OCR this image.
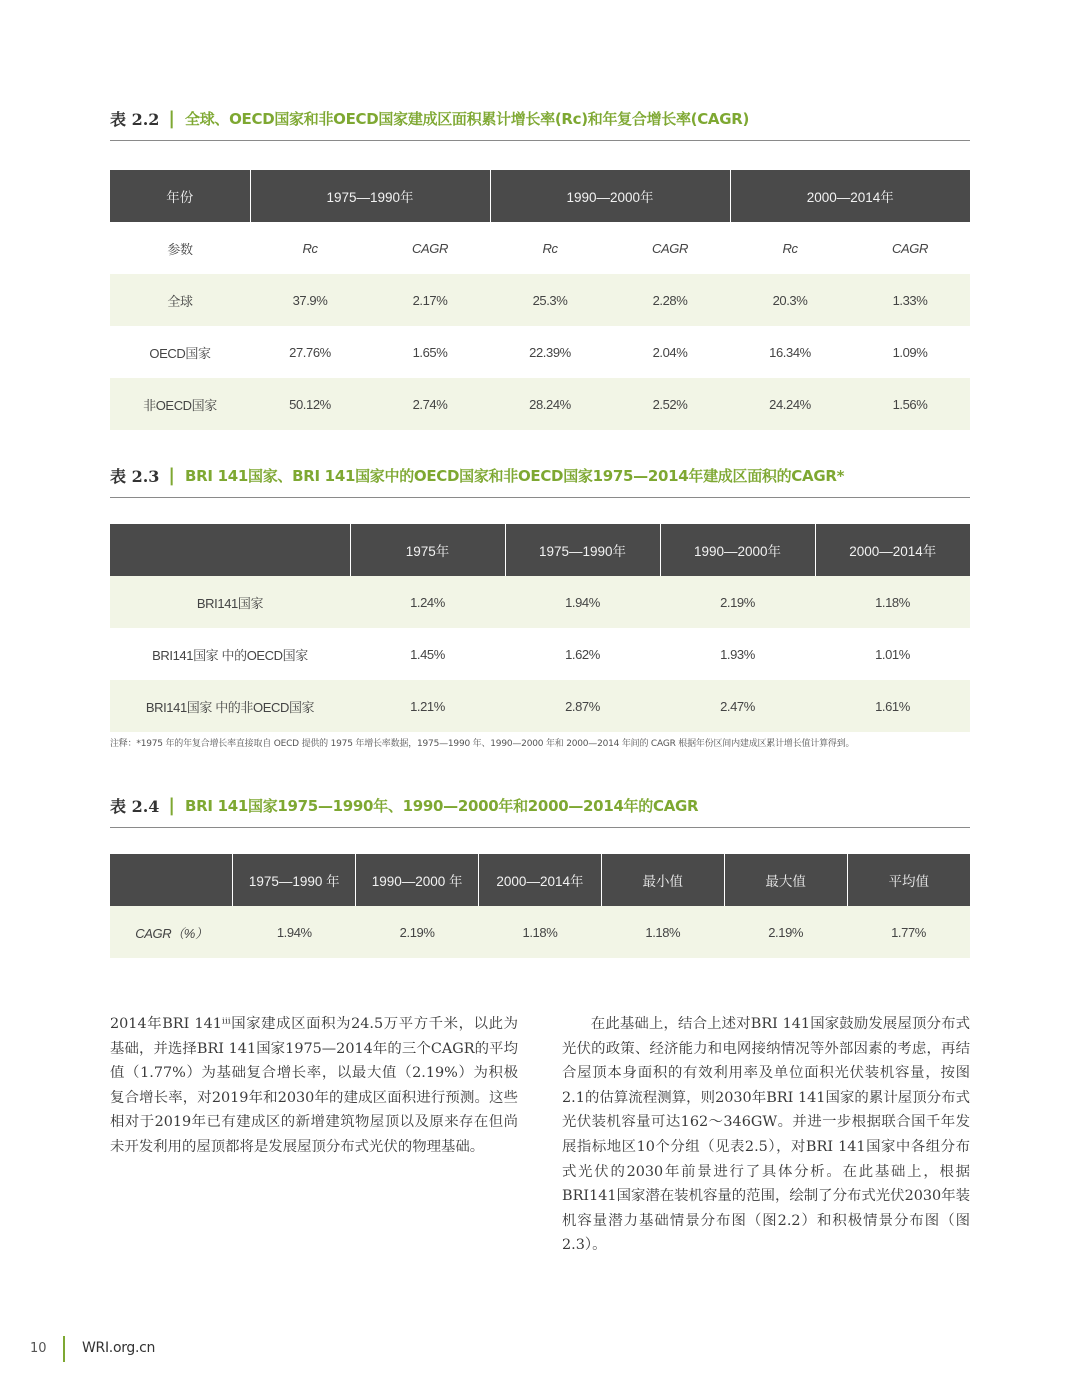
表 2.2 | 全球、OECD国家和非OECD国家建成区面积累计增长率(Rc)和年复合增长率(CAGR)
年份	1975—1990年		1990—2000年		2000—2014年	
参数	Rc	CAGR	Rc	CAGR	Rc	CAGR
全球	37.9%	2.17%	25.3%	2.28%	20.3%	1.33%
OECD国家	27.76%	1.65%	22.39%	2.04%	16.34%	1.09%
非OECD国家	50.12%	2.74%	28.24%	2.52%	24.24%	1.56%
表 2.3 | BRI 141国家、BRI 141国家中的OECD国家和非OECD国家1975—2014年建成区面积的CAGR*
	1975年	1975—1990年	1990—2000年	2000—2014年
BRI141国家	1.24%	1.94%	2.19%	1.18%
BRI141国家 中的OECD国家	1.45%	1.62%	1.93%	1.01%
BRI141国家 中的非OECD国家	1.21%	2.87%	2.47%	1.61%
注释：*1975 年的年复合增长率直接取自 OECD 提供的 1975 年增长率数据，1975—1990 年、1990—2000 年和 2000—2014 年间的 CAGR 根据年份区间内建成区累计增长值计算得到。
表 2.4 | BRI 141国家1975—1990年、1990—2000年和2000—2014年的CAGR
	1975—1990 年	1990—2000 年	2000—2014年	最小值	最大值	平均值
CAGR（%）	1.94%	2.19%	1.18%	1.18%	2.19%	1.77%

2014年BRI 141ⁱⁱⁱ国家建成区面积为24.5万平方千米，以此为基础，并选择BRI 141国家1975—2014年的三个CAGR的平均值（1.77%）为基础复合增长率，以最大值（2.19%）为积极复合增长率，对2019年和2030年的建成区面积进行预测。这些相对于2019年已有建成区的新增建筑物屋顶以及原来存在但尚未开发利用的屋顶都将是发展屋顶分布式光伏的物理基础。

在此基础上，结合上述对BRI 141国家鼓励发展屋顶分布式光伏的政策、经济能力和电网接纳情况等外部因素的考虑，再结合屋顶本身面积的有效利用率及单位面积光伏装机容量，按图2.1的估算流程测算，则2030年BRI 141国家的累计屋顶分布式光伏装机容量可达162～346GW。并进一步根据联合国千年发展指标地区10个分组（见表2.5），对BRI 141国家中各组分布式光伏的2030年前景进行了具体分析。在此基础上，根据BRI141国家潜在装机容量的范围，绘制了分布式光伏2030年装机容量潜力基础情景分布图（图2.2）和积极情景分布图（图2.3）。

10	WRI.org.cn
